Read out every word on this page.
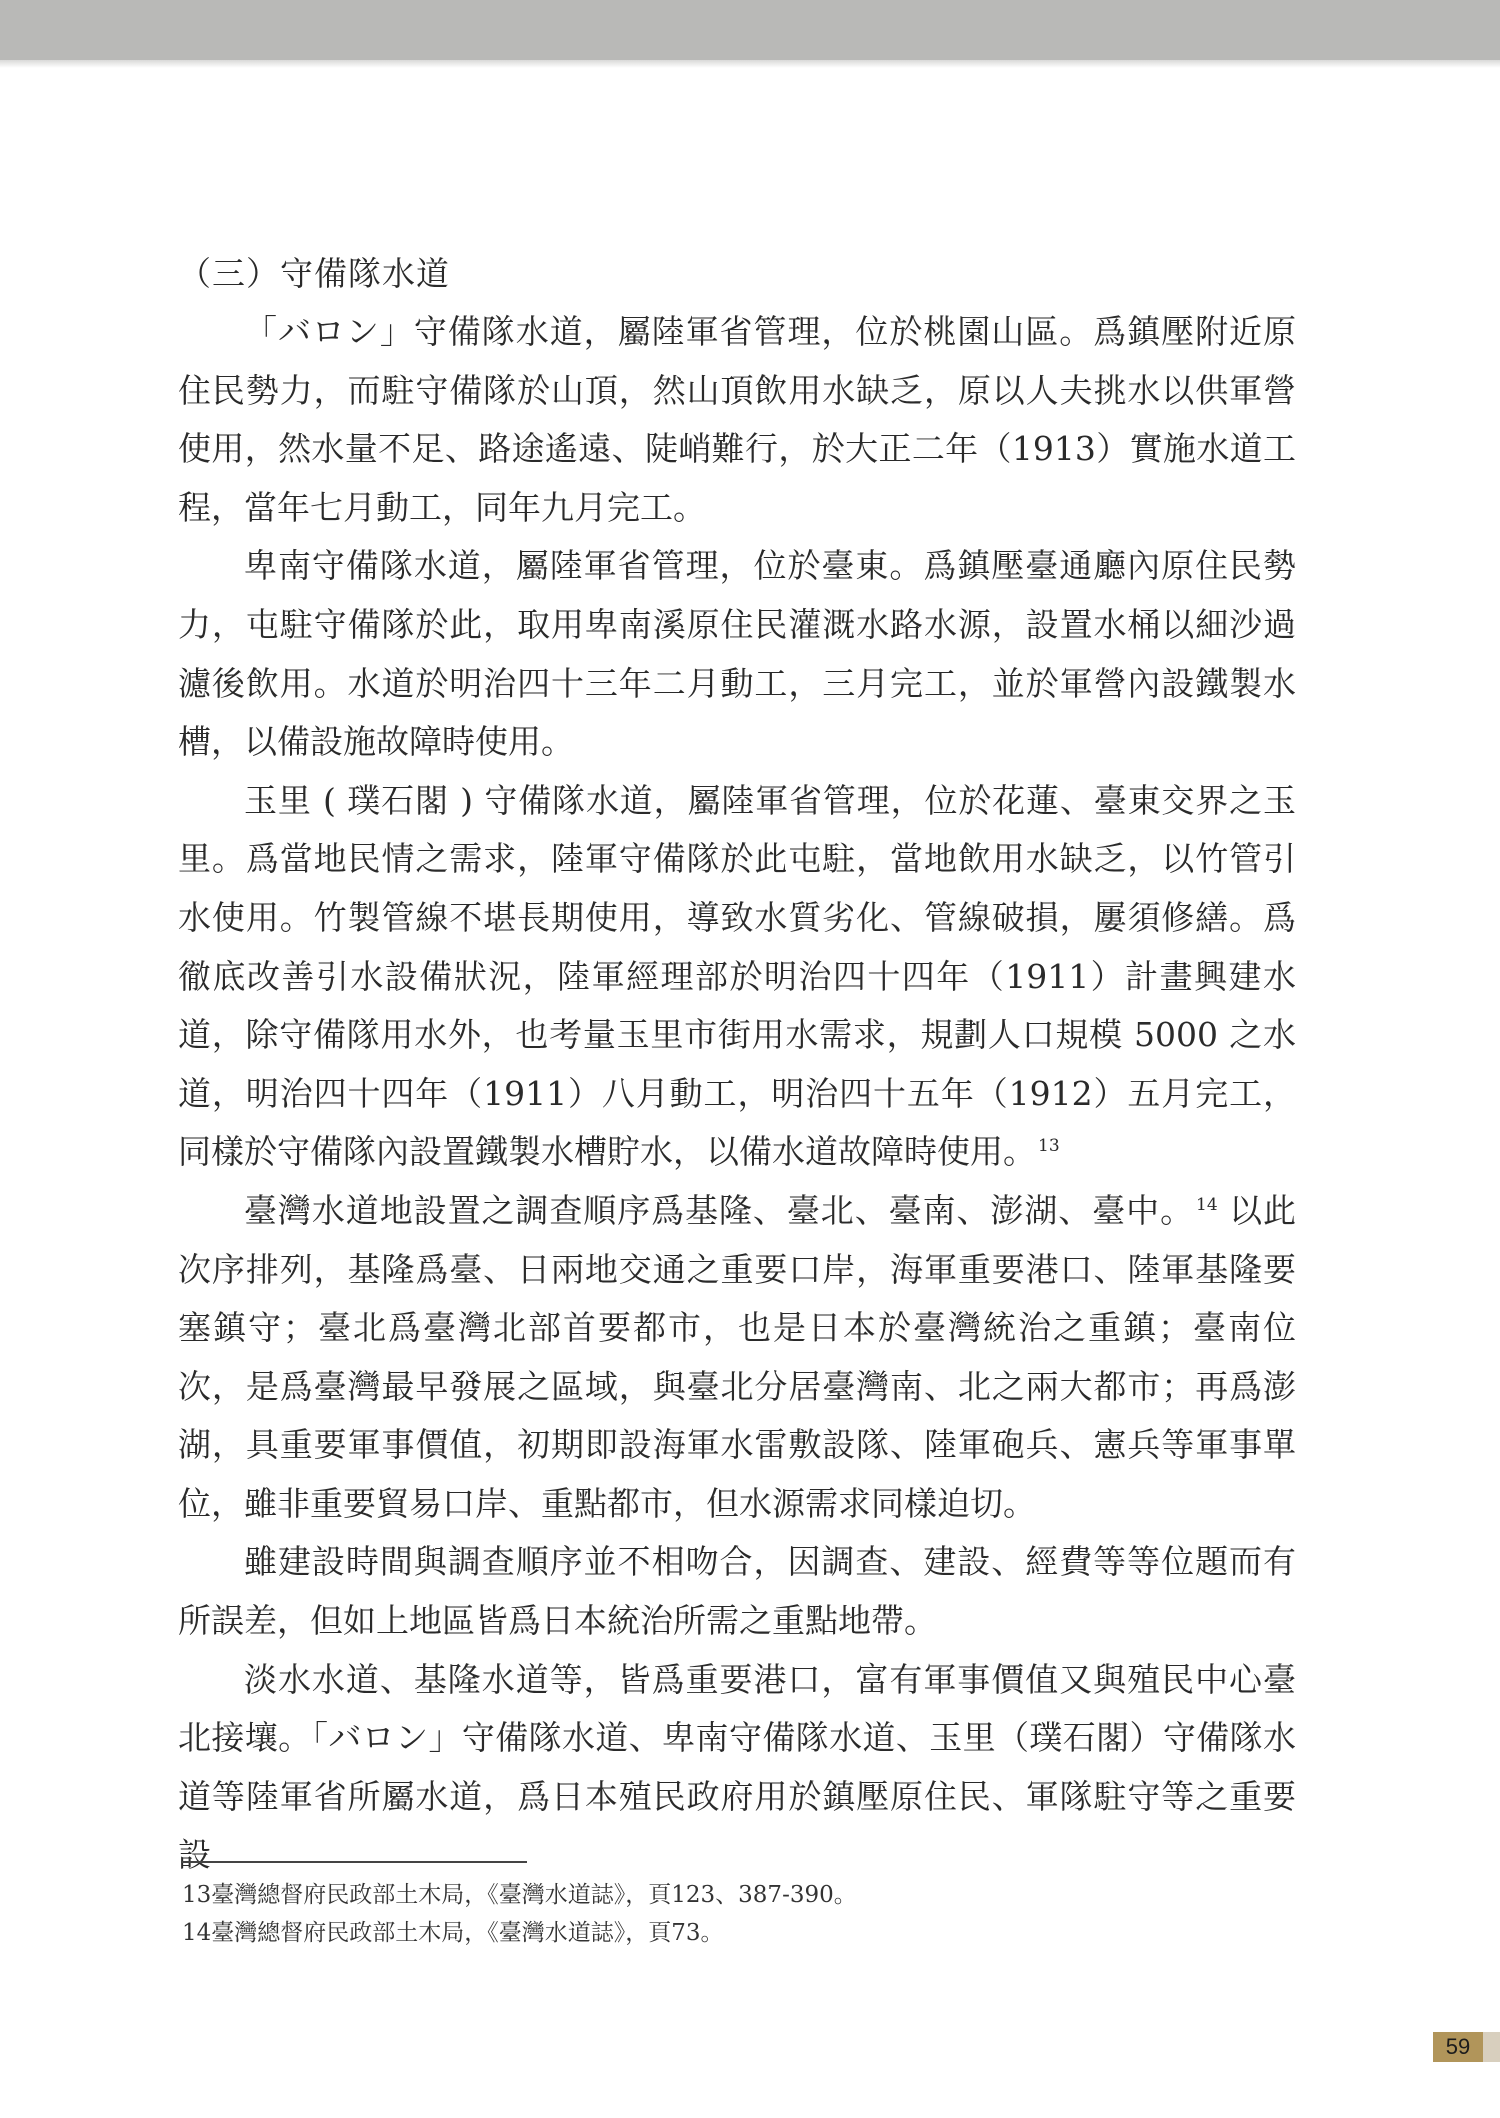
（三）守備隊水道

「バロン」守備隊水道，屬陸軍省管理，位於桃園山區。爲鎮壓附近原住民勢力，而駐守備隊於山頂，然山頂飲用水缺乏，原以人夫挑水以供軍營使用，然水量不足、路途遙遠、陡峭難行，於大正二年（1913）實施水道工程，當年七月動工，同年九月完工。

卑南守備隊水道，屬陸軍省管理，位於臺東。爲鎮壓臺通廳內原住民勢力，屯駐守備隊於此，取用卑南溪原住民灌溉水路水源，設置水桶以細沙過濾後飲用。水道於明治四十三年二月動工，三月完工，並於軍營內設鐵製水槽，以備設施故障時使用。

玉里 ( 璞石閣 ) 守備隊水道，屬陸軍省管理，位於花蓮、臺東交界之玉里。爲當地民情之需求，陸軍守備隊於此屯駐，當地飲用水缺乏，以竹管引水使用。竹製管線不堪長期使用，導致水質劣化、管線破損，屢須修繕。爲徹底改善引水設備狀況，陸軍經理部於明治四十四年（1911）計畫興建水道，除守備隊用水外，也考量玉里市街用水需求，規劃人口規模 5000 之水道，明治四十四年（1911）八月動工，明治四十五年（1912）五月完工，同樣於守備隊內設置鐵製水槽貯水，以備水道故障時使用。 $^{13}$

臺灣水道地設置之調查順序爲基隆、臺北、臺南、澎湖、臺中。 $^{14}$ 以此次序排列，基隆爲臺、日兩地交通之重要口岸，海軍重要港口、陸軍基隆要塞鎮守；臺北爲臺灣北部首要都市，也是日本於臺灣統治之重鎮；臺南位次，是爲臺灣最早發展之區域，與臺北分居臺灣南、北之兩大都市；再爲澎湖，具重要軍事價值，初期即設海軍水雷敷設隊、陸軍砲兵、憲兵等軍事單位，雖非重要貿易口岸、重點都市，但水源需求同樣迫切。

雖建設時間與調查順序並不相吻合，因調查、建設、經費等等位題而有所誤差，但如上地區皆爲日本統治所需之重點地帶。

淡水水道、基隆水道等，皆爲重要港口，富有軍事價值又與殖民中心臺北接壤。「バロン」守備隊水道、卑南守備隊水道、玉里（璞石閣）守備隊水道等陸軍省所屬水道，爲日本殖民政府用於鎮壓原住民、軍隊駐守等之重要設

13臺灣總督府民政部土木局，《臺灣水道誌》，頁123、387-390。

14臺灣總督府民政部土木局，《臺灣水道誌》，頁73。

59
